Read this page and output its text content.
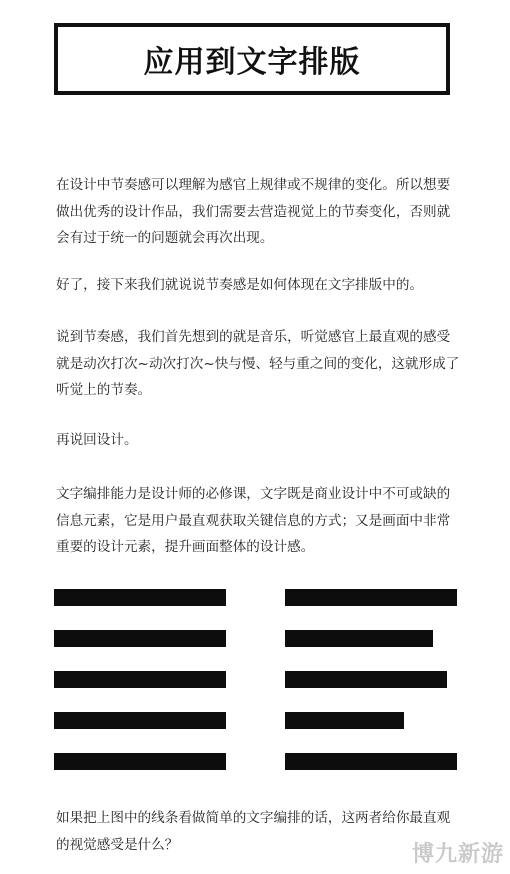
应用到文字排版

在设计中节奏感可以理解为感官上规律或不规律的变化。所以想要做出优秀的设计作品，我们需要去营造视觉上的节奏变化，否则就会有过于统一的问题就会再次出现。

好了，接下来我们就说说节奏感是如何体现在文字排版中的。

说到节奏感，我们首先想到的就是音乐，听觉感官上最直观的感受就是动次打次~动次打次~快与慢、轻与重之间的变化，这就形成了听觉上的节奏。

再说回设计。

文字编排能力是设计师的必修课，文字既是商业设计中不可或缺的信息元素，它是用户最直观获取关键信息的方式；又是画面中非常重要的设计元素，提升画面整体的设计感。

如果把上图中的线条看做简单的文字编排的话，这两者给你最直观的视觉感受是什么？	博九新游
